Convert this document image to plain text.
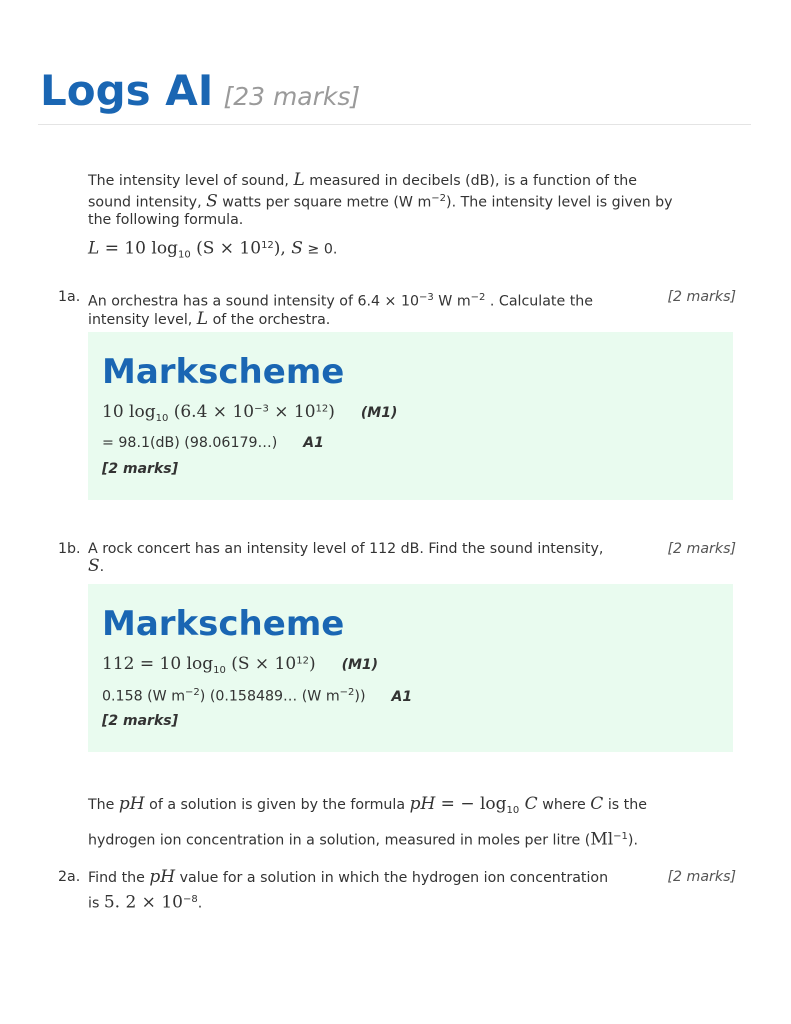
Logs AI [23 marks]
The intensity level of sound, L measured in decibels (dB), is a function of the
sound intensity, S watts per square metre (W $m^{-2}$). The intensity level is given by
the following formula.
L = 10 $\log_{10} (S \times 10^{12})$, S ≥ 0.
1a. An orchestra has a sound intensity of $6.4 \times 10^{-3}$ W $m^{-2}$ . Calculate the
intensity level, L of the orchestra.
[2 marks]
Markscheme
10 $\log_{10} (6.4 \times 10^{-3} \times 10^{12})$ (M1)
= 98.1(dB) (98.06179…) A1
[2 marks]
1b. A rock concert has an intensity level of 112 dB. Find the sound intensity,
S.
[2 marks]
Markscheme
112 = 10 $\log_{10} (S \times 10^{12})$ (M1)
0.158 (W $m^{-2}$) (0.158489… (W $m^{-2}$)) A1
[2 marks]
The pH of a solution is given by the formula pH = − $\log_{10} C$ where C is the
hydrogen ion concentration in a solution, measured in moles per litre $(Ml^{-1})$.
2a. Find the pH value for a solution in which the hydrogen ion concentration
is 5. $2 \times 10^{-8}$.
[2 marks]
